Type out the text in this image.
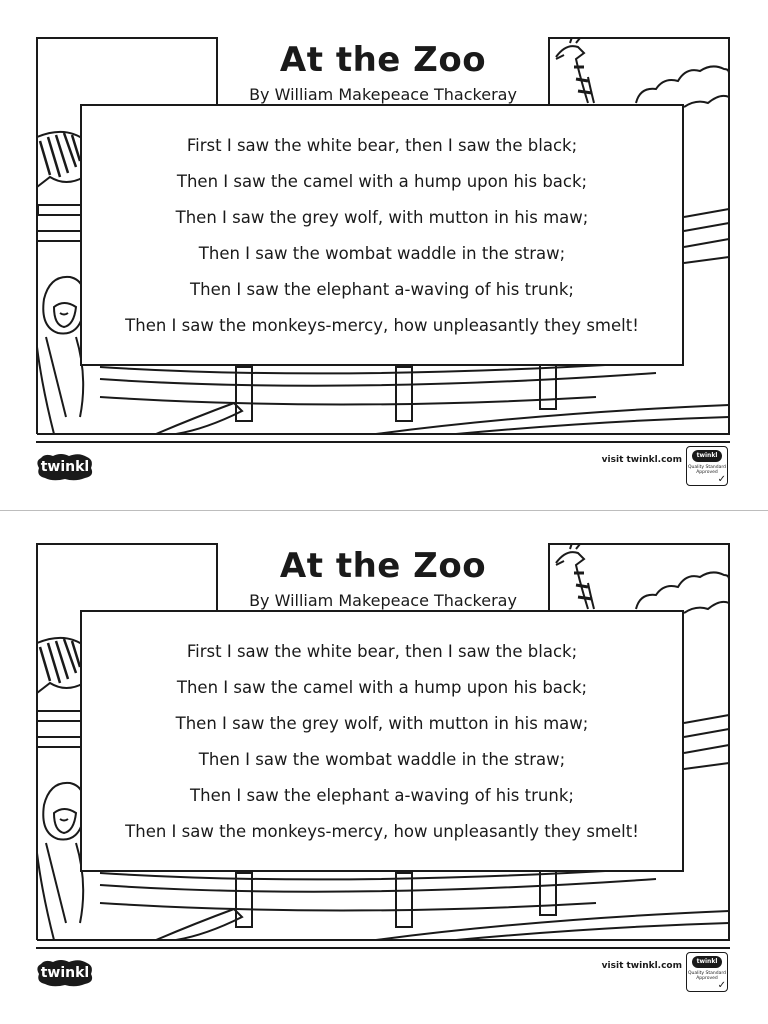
At the Zoo

By William Makepeace Thackeray

First I saw the white bear, then I saw the black;
Then I saw the camel with a hump upon his back;
Then I saw the grey wolf, with mutton in his maw;
Then I saw the wombat waddle in the straw;
Then I saw the elephant a-waving of his trunk;
Then I saw the monkeys-mercy, how unpleasantly they smelt!
twinkl	visit twinkl.com	twinkl
Quality Standard Approved
✓
At the Zoo

By William Makepeace Thackeray

First I saw the white bear, then I saw the black;
Then I saw the camel with a hump upon his back;
Then I saw the grey wolf, with mutton in his maw;
Then I saw the wombat waddle in the straw;
Then I saw the elephant a-waving of his trunk;
Then I saw the monkeys-mercy, how unpleasantly they smelt!
twinkl	visit twinkl.com	twinkl
Quality Standard Approved
✓
